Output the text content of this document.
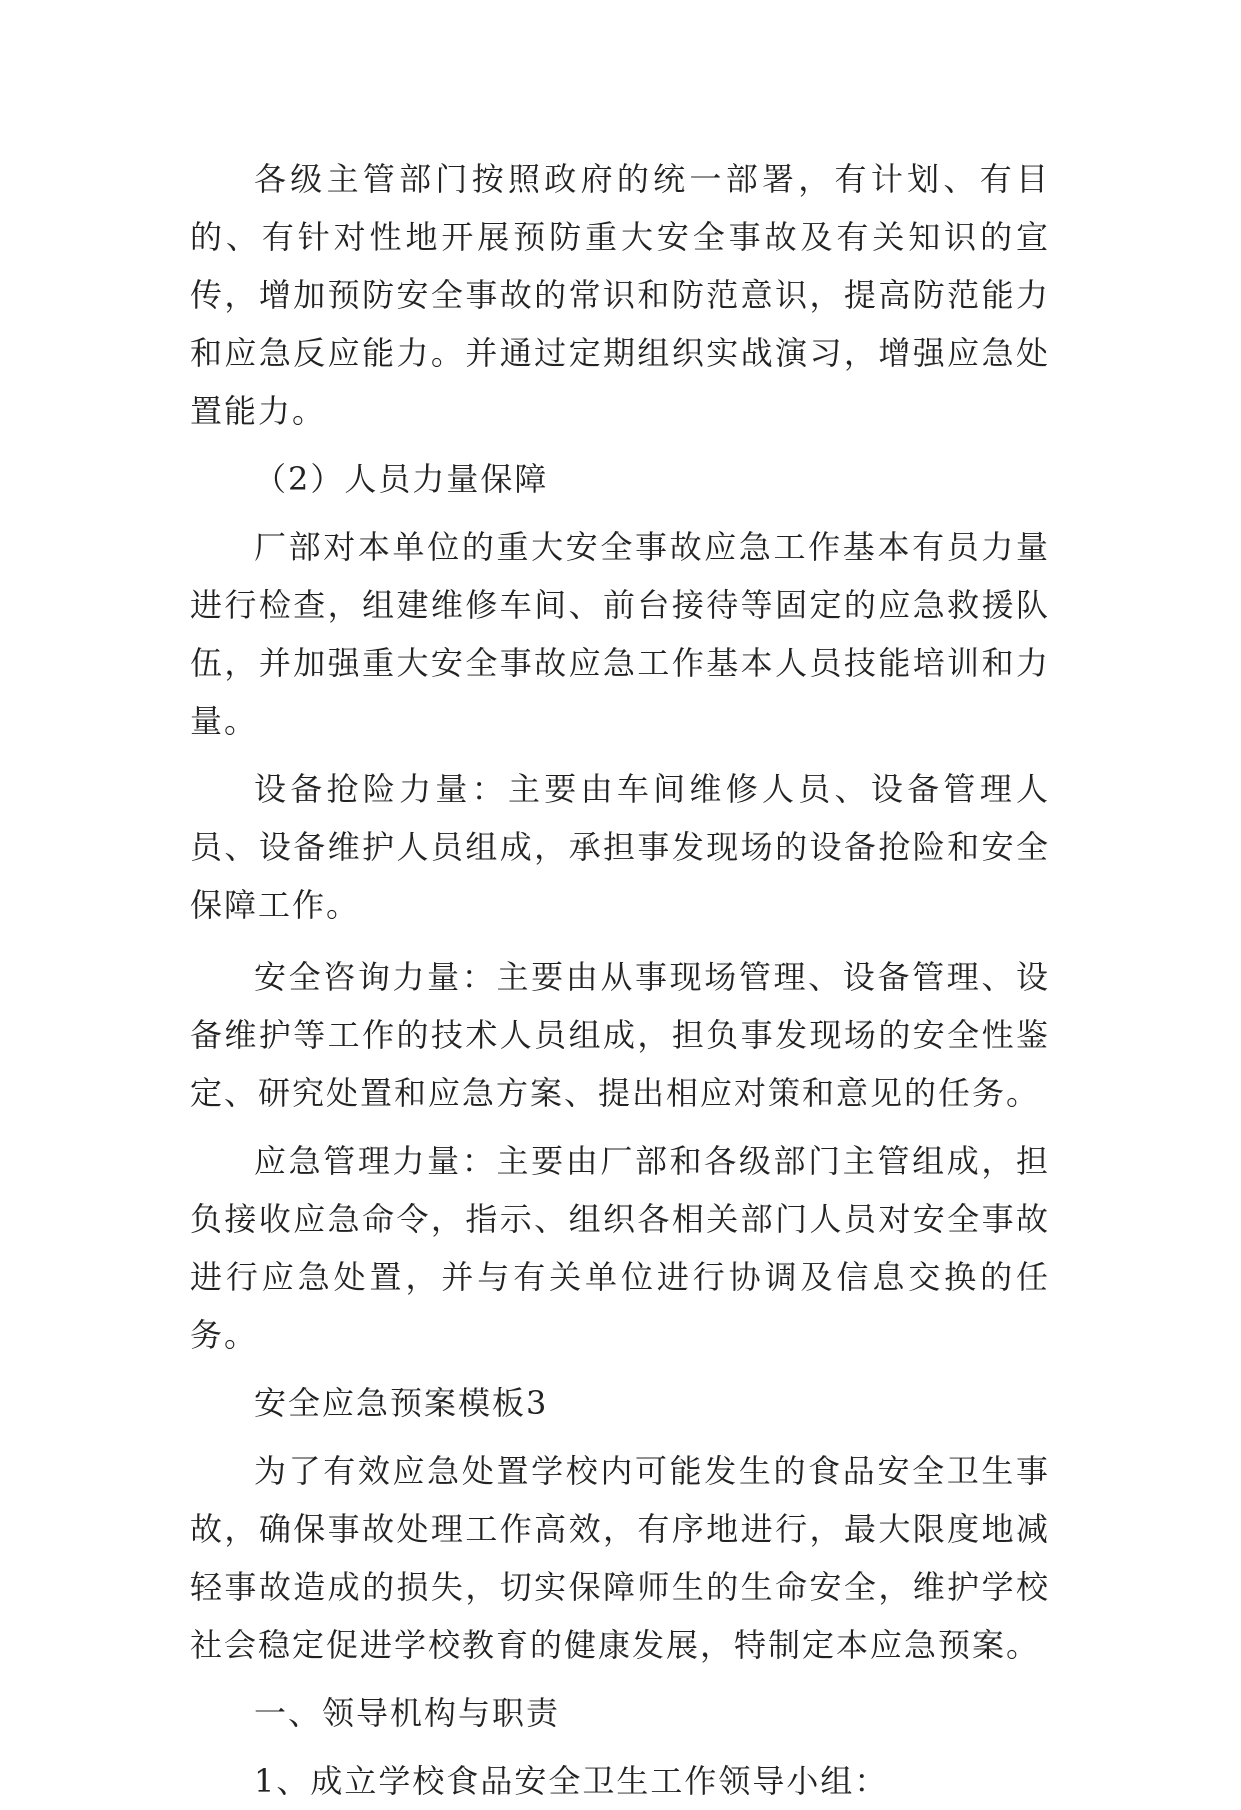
各级主管部门按照政府的统一部署，有计划、有目的、有针对性地开展预防重大安全事故及有关知识的宣传，增加预防安全事故的常识和防范意识，提高防范能力和应急反应能力。并通过定期组织实战演习，增强应急处置能力。

（2）人员力量保障

厂部对本单位的重大安全事故应急工作基本有员力量进行检查，组建维修车间、前台接待等固定的应急救援队伍，并加强重大安全事故应急工作基本人员技能培训和力量。

设备抢险力量：主要由车间维修人员、设备管理人员、设备维护人员组成，承担事发现场的设备抢险和安全保障工作。

安全咨询力量：主要由从事现场管理、设备管理、设备维护等工作的技术人员组成，担负事发现场的安全性鉴定、研究处置和应急方案、提出相应对策和意见的任务。

应急管理力量：主要由厂部和各级部门主管组成，担负接收应急命令，指示、组织各相关部门人员对安全事故进行应急处置，并与有关单位进行协调及信息交换的任务。

安全应急预案模板3

为了有效应急处置学校内可能发生的食品安全卫生事故，确保事故处理工作高效，有序地进行，最大限度地减轻事故造成的损失，切实保障师生的生命安全，维护学校社会稳定促进学校教育的健康发展，特制定本应急预案。

一、领导机构与职责

1、成立学校食品安全卫生工作领导小组：
